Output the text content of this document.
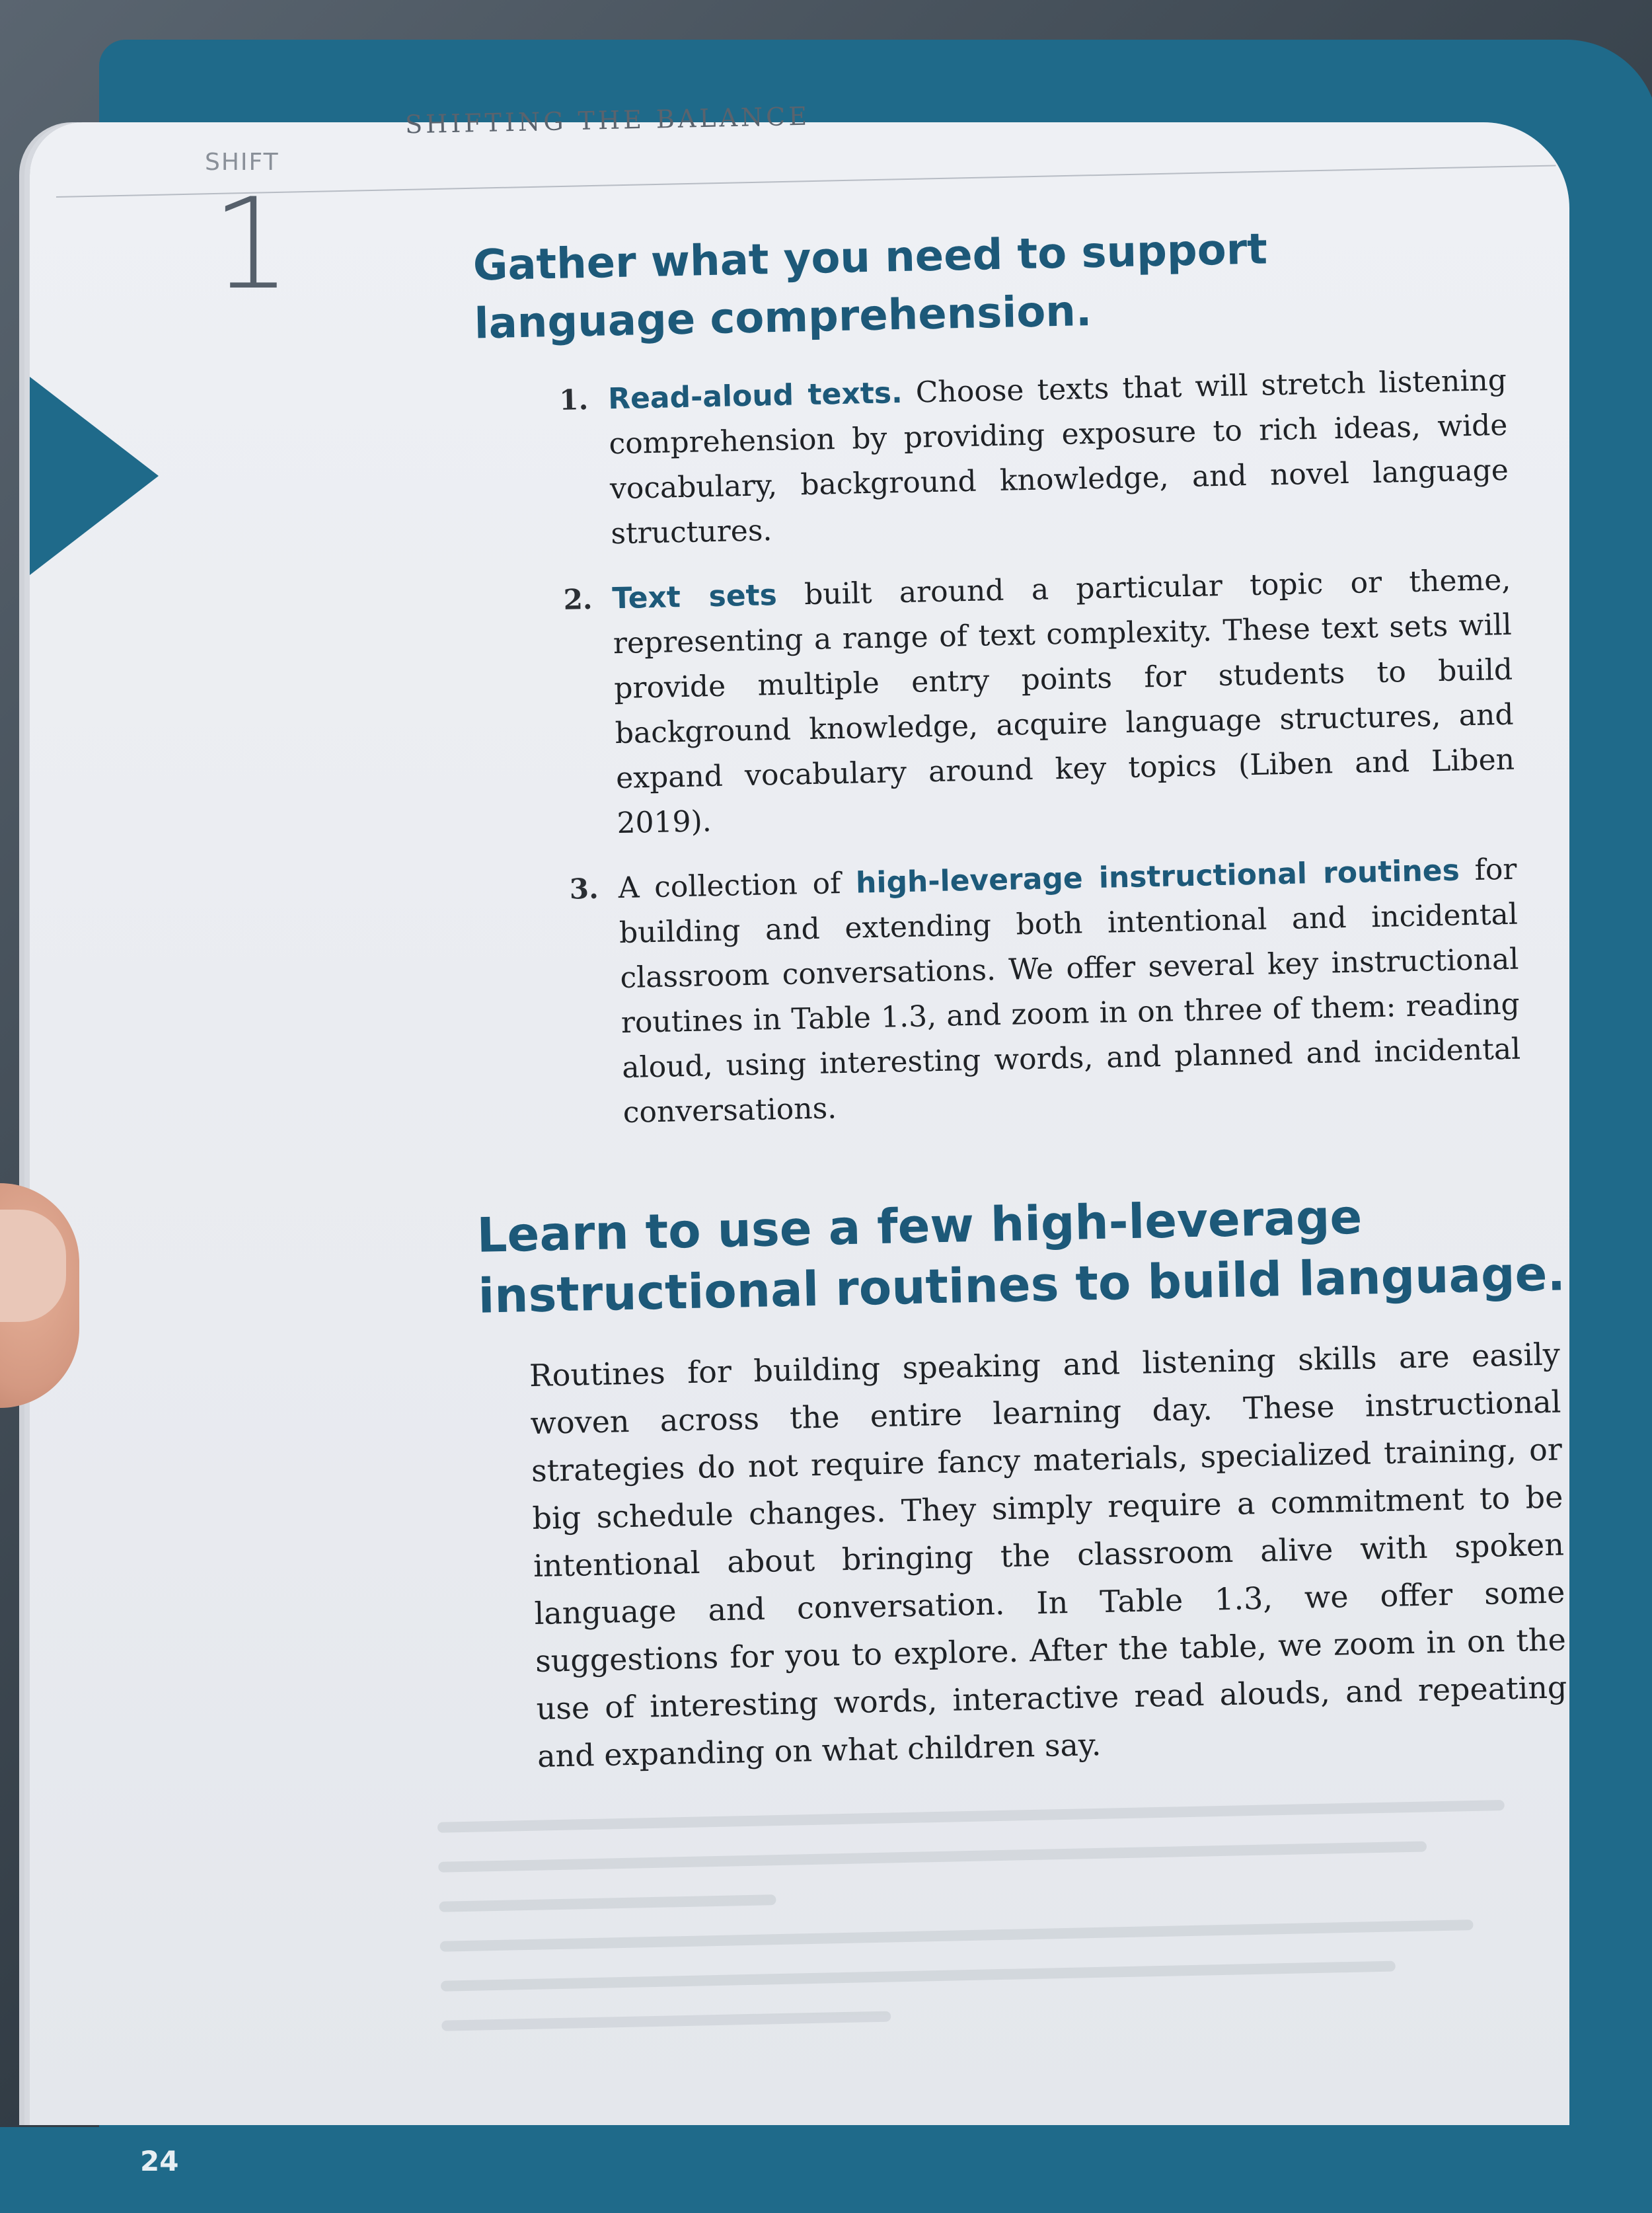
SHIFT
SHIFTING THE BALANCE
1	Gather what you need to support language comprehension.
1. Read-aloud texts. Choose texts that will stretch listening comprehension by providing exposure to rich ideas, wide vocabulary, background knowledge, and novel language structures.
2. Text sets built around a particular topic or theme, representing a range of text complexity. These text sets will provide multiple entry points for students to build background knowledge, acquire language structures, and expand vocabulary around key topics (Liben and Liben 2019).
3. A collection of high-leverage instructional routines for building and extending both intentional and incidental classroom conversations. We offer several key instructional routines in Table 1.3, and zoom in on three of them: reading aloud, using interesting words, and planned and incidental conversations.
Learn to use a few high-leverage instructional routines to build language.

Routines for building speaking and listening skills are easily woven across the entire learning day. These instructional strategies do not require fancy materials, specialized training, or big schedule changes. They simply require a commitment to be intentional about bringing the classroom alive with spoken language and conversation. In Table 1.3, we offer some suggestions for you to explore. After the table, we zoom in on the use of interesting words, interactive read alouds, and repeating and expanding on what children say.

24
